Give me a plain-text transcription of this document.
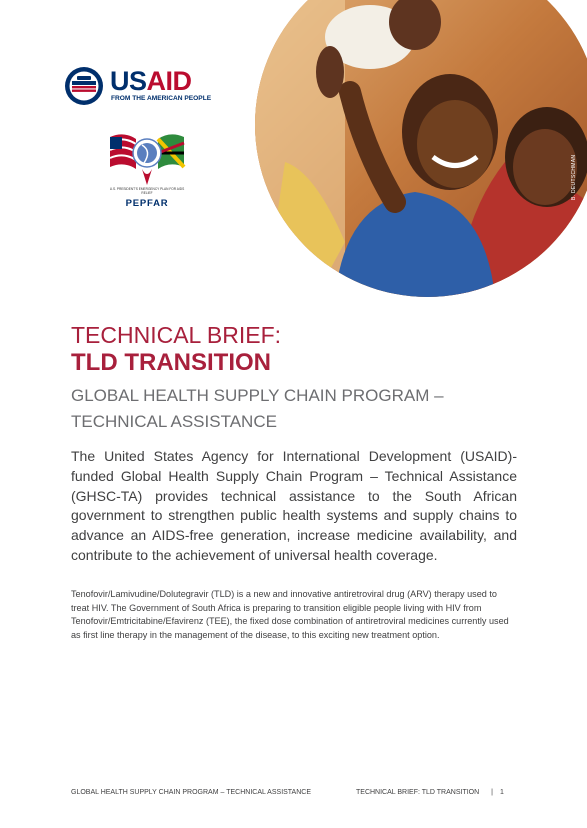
B. DEUTSCHMAN
USAID
FROM THE AMERICAN PEOPLE
U.S. PRESIDENT'S EMERGENCY PLAN FOR AIDS RELIEF
PEPFAR
TECHNICAL BRIEF:
TLD TRANSITION
GLOBAL HEALTH SUPPLY CHAIN PROGRAM – TECHNICAL ASSISTANCE
The United States Agency for International Development (USAID)-funded Global Health Supply Chain Program – Technical Assistance (GHSC-TA) provides technical assistance to the South African government to strengthen public health systems and supply chains to advance an AIDS-free generation, increase medicine availability, and contribute to the achievement of universal health coverage.
Tenofovir/Lamivudine/Dolutegravir (TLD) is a new and innovative antiretroviral drug (ARV) therapy used to treat HIV. The Government of South Africa is preparing to transition eligible people living with HIV from Tenofovir/Emtricitabine/Efavirenz (TEE), the fixed dose combination of antiretroviral medicines currently used as first line therapy in the management of the disease, to this exciting new treatment option.
GLOBAL HEALTH SUPPLY CHAIN PROGRAM – TECHNICAL ASSISTANCE	TECHNICAL BRIEF: TLD TRANSITION | 1
